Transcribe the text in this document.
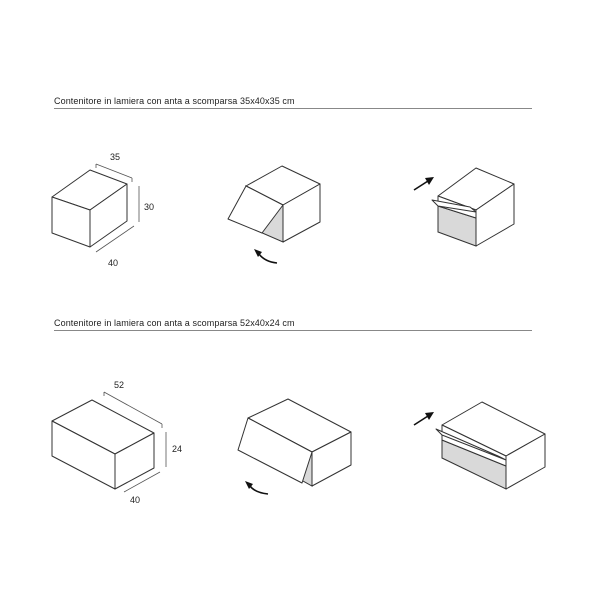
Contenitore in lamiera con anta a scomparsa 35x40x35 cm
Contenitore in lamiera con anta a scomparsa 52x40x24 cm
35
30
40
52
24
40
